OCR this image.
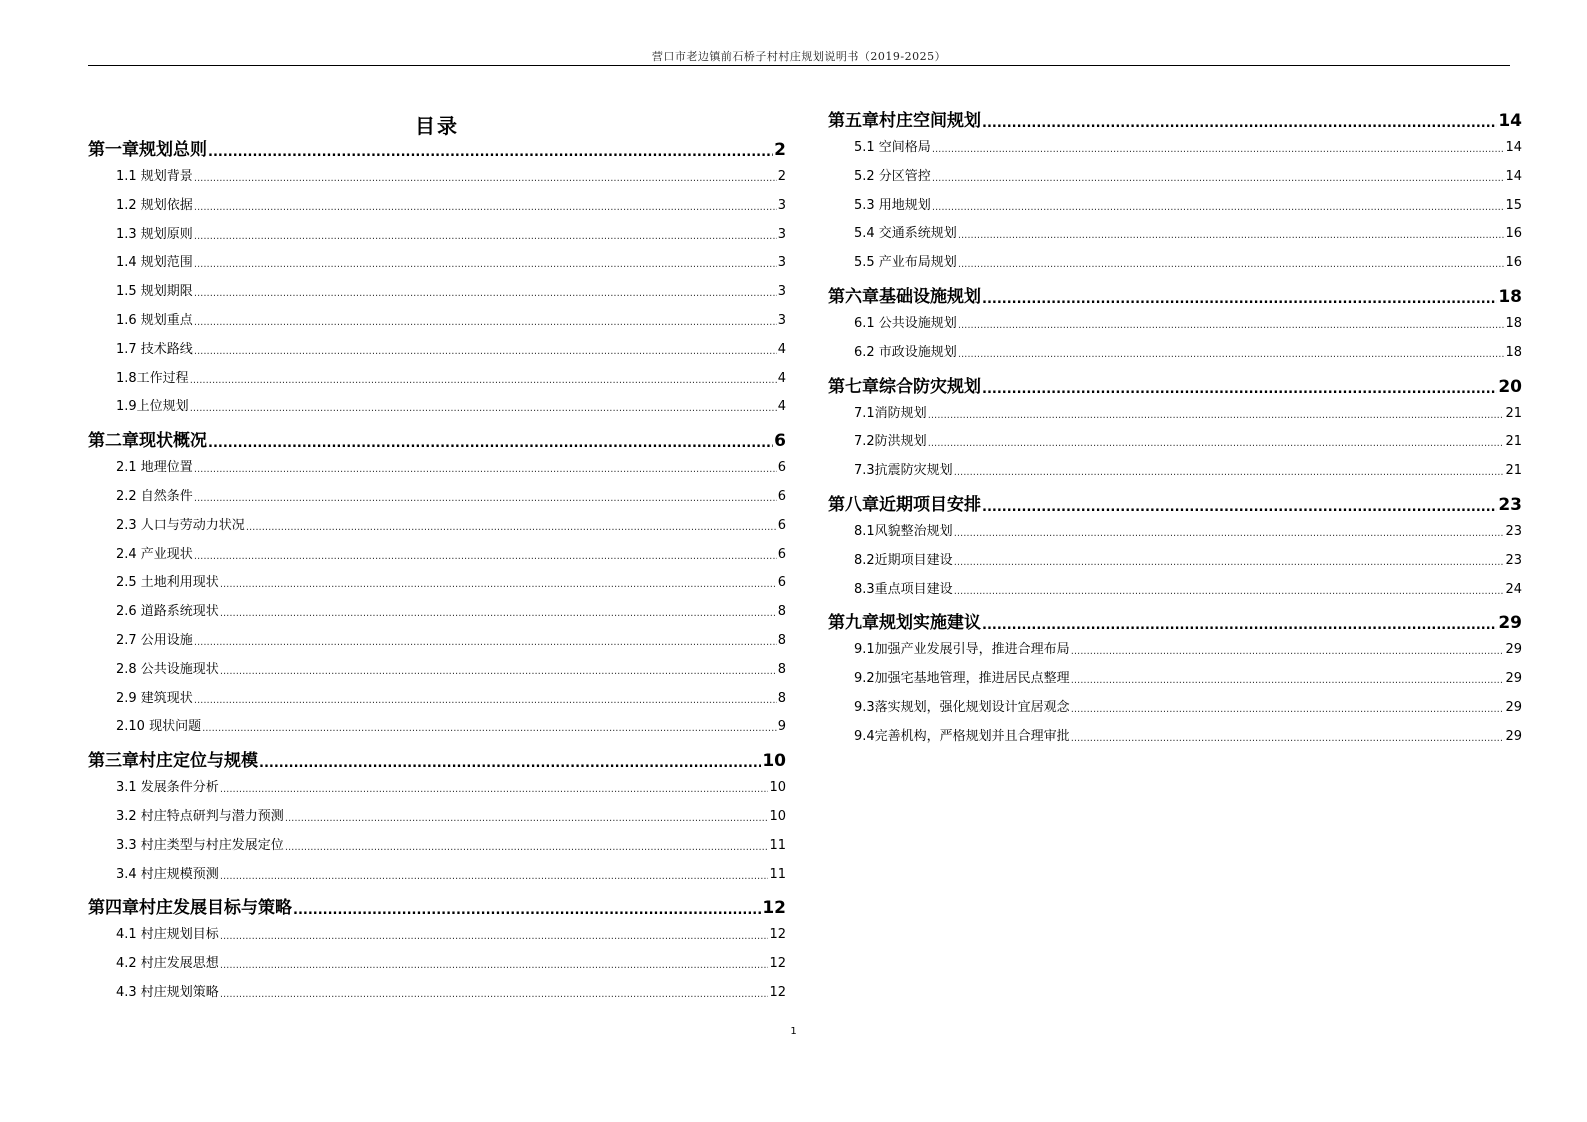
营口市老边镇前石桥子村村庄规划说明书（2019-2025）
目录
第一章规划总则 .....	2
1.1 规划背景 .....	2
1.2 规划依据 .....	3
1.3 规划原则 .....	3
1.4 规划范围 .....	3
1.5 规划期限 .....	3
1.6 规划重点 .....	3
1.7 技术路线 .....	4
1.8工作过程 .....	4
1.9上位规划 .....	4
第二章现状概况 .....	6
2.1 地理位置 .....	6
2.2 自然条件 .....	6
2.3 人口与劳动力状况 .....	6
2.4 产业现状 .....	6
2.5 土地利用现状 .....	6
2.6 道路系统现状 .....	8
2.7 公用设施 .....	8
2.8 公共设施现状 .....	8
2.9 建筑现状 .....	8
2.10 现状问题 .....	9
第三章村庄定位与规模 .....	10
3.1 发展条件分析 .....	10
3.2 村庄特点研判与潜力预测 .....	10
3.3 村庄类型与村庄发展定位 .....	11
3.4 村庄规模预测 .....	11
第四章村庄发展目标与策略 .....	12
4.1 村庄规划目标 .....	12
4.2 村庄发展思想 .....	12
4.3 村庄规划策略 .....	12
第五章村庄空间规划 .....	14
5.1 空间格局 .....	14
5.2 分区管控 .....	14
5.3 用地规划 .....	15
5.4 交通系统规划 .....	16
5.5 产业布局规划 .....	16
第六章基础设施规划 .....	18
6.1 公共设施规划 .....	18
6.2 市政设施规划 .....	18
第七章综合防灾规划 .....	20
7.1消防规划 .....	21
7.2防洪规划 .....	21
7.3抗震防灾规划 .....	21
第八章近期项目安排 .....	23
8.1风貌整治规划 .....	23
8.2近期项目建设 .....	23
8.3重点项目建设 .....	24
第九章规划实施建议 .....	29
9.1加强产业发展引导，推进合理布局 .....	29
9.2加强宅基地管理，推进居民点整理 .....	29
9.3落实规划，强化规划设计宜居观念 .....	29
9.4完善机构，严格规划并且合理审批 .....	29
1
